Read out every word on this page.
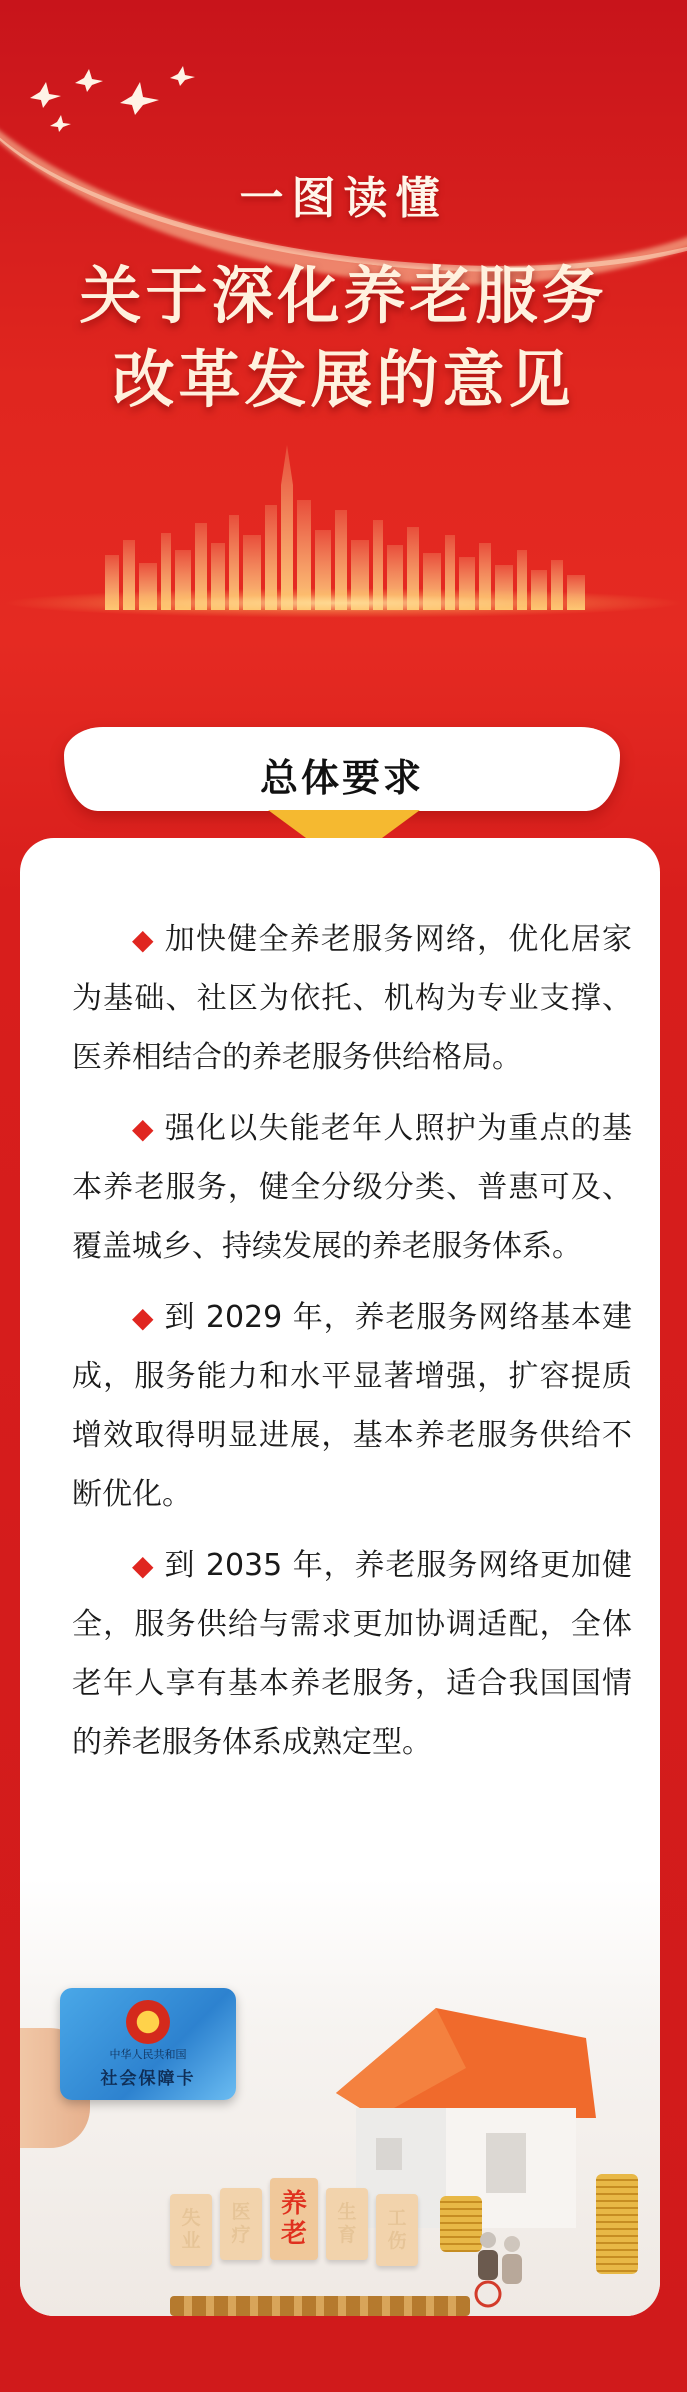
一图读懂
关于深化养老服务
改革发展的意见
总体要求

◆ 加快健全养老服务网络，优化居家为基础、社区为依托、机构为专业支撑、医养相结合的养老服务供给格局。

◆ 强化以失能老年人照护为重点的基本养老服务，健全分级分类、普惠可及、覆盖城乡、持续发展的养老服务体系。

◆ 到 2029 年，养老服务网络基本建成，服务能力和水平显著增强，扩容提质增效取得明显进展，基本养老服务供给不断优化。

◆ 到 2035 年，养老服务网络更加健全，服务供给与需求更加协调适配，全体老年人享有基本养老服务，适合我国国情的养老服务体系成熟定型。

中华人民共和国
社会保障卡
失
业
医
疗
养
老
生
育
工
伤
